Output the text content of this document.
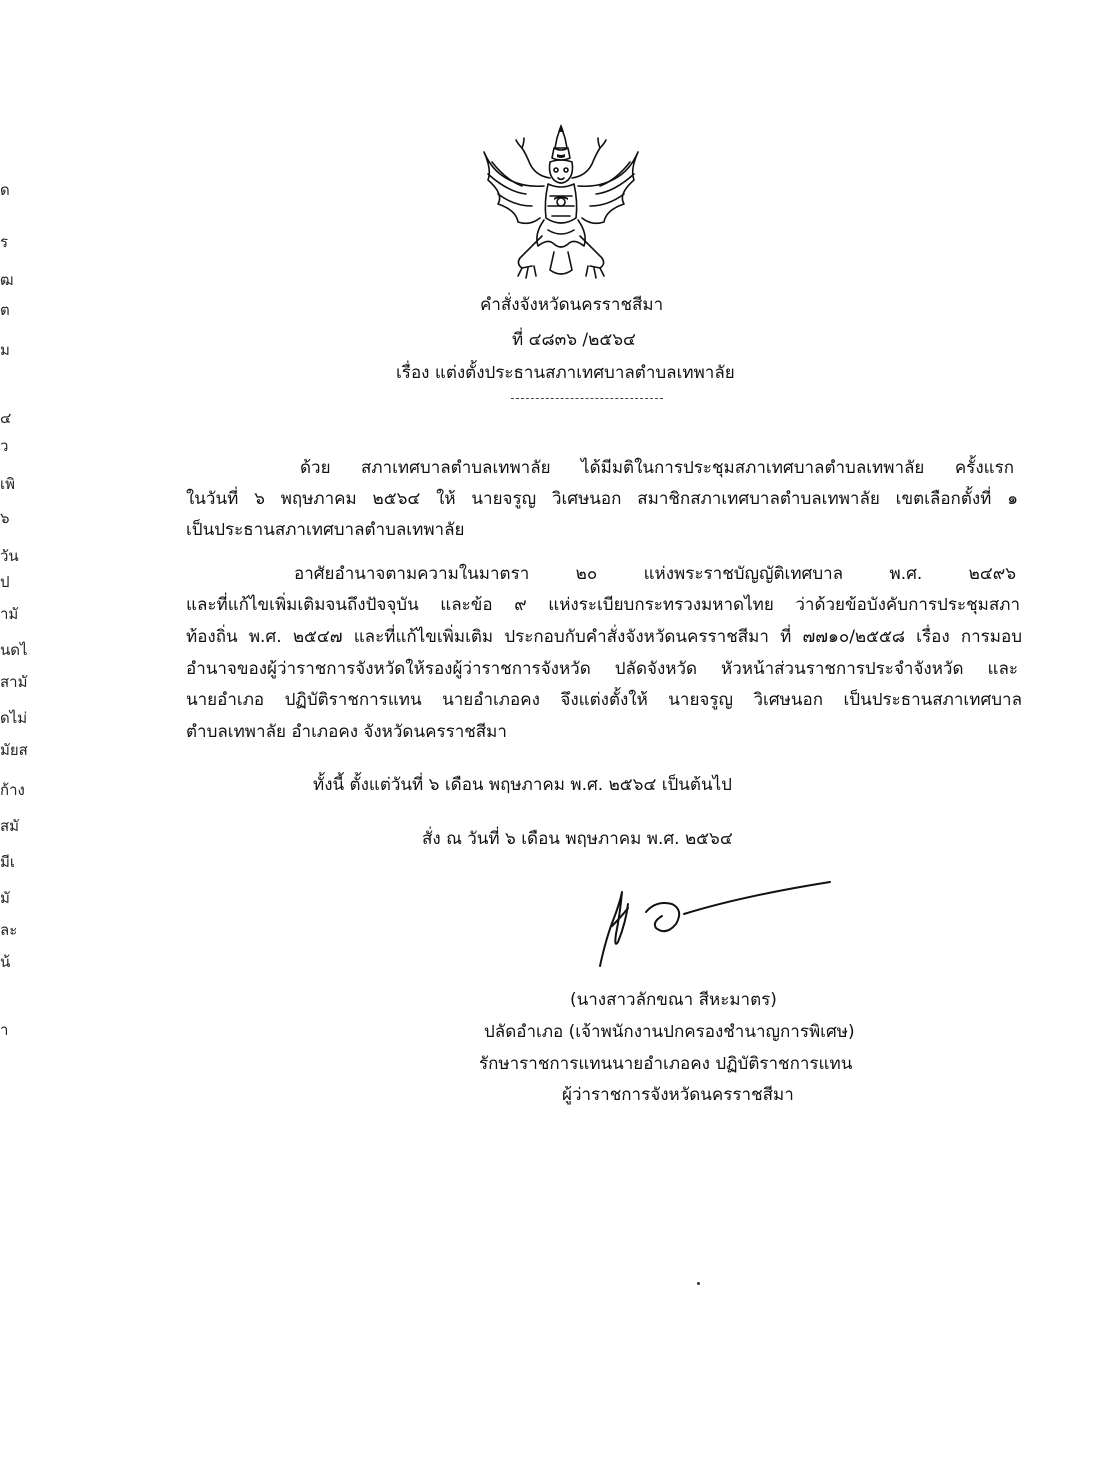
ด
ร
ฒ
ต
ม
๔
ว
เพิ
๖
วัน
ป
ามั
นดไ
สามั
ดไม่
มัยส
ก้าง
สมั
มีเ
มั
ละ
น้
า
คำสั่งจังหวัดนครราชสีมา
ที่ ๔๘๓๖ /๒๕๖๔
เรื่อง แต่งตั้งประธานสภาเทศบาลตำบลเทพาลัย
ด้วย สภาเทศบาลตำบลเทพาลัย ได้มีมติในการประชุมสภาเทศบาลตำบลเทพาลัย ครั้งแรก
ในวันที่ ๖ พฤษภาคม ๒๕๖๔ ให้ นายจรูญ วิเศษนอก สมาชิกสภาเทศบาลตำบลเทพาลัย เขตเลือกตั้งที่ ๑
เป็นประธานสภาเทศบาลตำบลเทพาลัย
อาศัยอำนาจตามความในมาตรา ๒๐ แห่งพระราชบัญญัติเทศบาล พ.ศ. ๒๔๙๖
และที่แก้ไขเพิ่มเติมจนถึงปัจจุบัน และข้อ ๙ แห่งระเบียบกระทรวงมหาดไทย ว่าด้วยข้อบังคับการประชุมสภา
ท้องถิ่น พ.ศ. ๒๕๔๗ และที่แก้ไขเพิ่มเติม ประกอบกับคำสั่งจังหวัดนครราชสีมา ที่ ๗๗๑๐/๒๕๕๘ เรื่อง การมอบ
อำนาจของผู้ว่าราชการจังหวัดให้รองผู้ว่าราชการจังหวัด ปลัดจังหวัด หัวหน้าส่วนราชการประจำจังหวัด และ
นายอำเภอ ปฏิบัติราชการแทน นายอำเภอคง จึงแต่งตั้งให้ นายจรูญ วิเศษนอก เป็นประธานสภาเทศบาล
ตำบลเทพาลัย อำเภอคง จังหวัดนครราชสีมา
ทั้งนี้ ตั้งแต่วันที่ ๖ เดือน พฤษภาคม พ.ศ. ๒๕๖๔ เป็นต้นไป
สั่ง ณ วันที่ ๖ เดือน พฤษภาคม พ.ศ. ๒๕๖๔
(นางสาวลักขณา สีหะมาตร)
ปลัดอำเภอ (เจ้าพนักงานปกครองชำนาญการพิเศษ)
รักษาราชการแทนนายอำเภอคง ปฏิบัติราชการแทน
ผู้ว่าราชการจังหวัดนครราชสีมา
